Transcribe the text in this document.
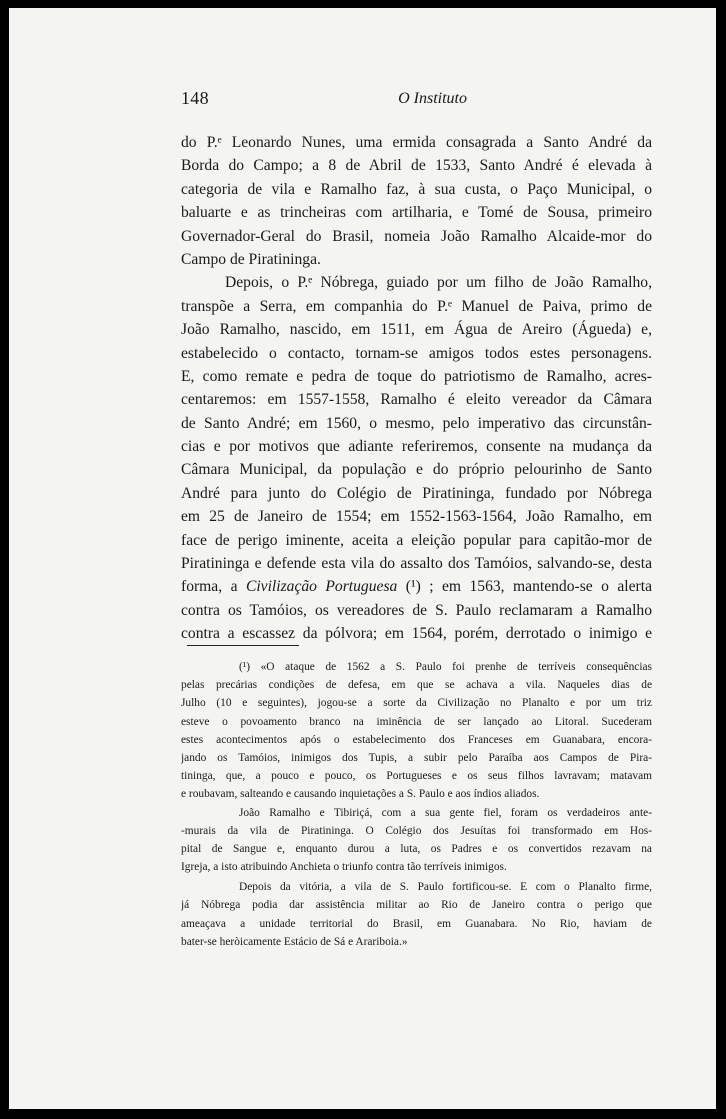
148	O Instituto
do P.ᵉ Leonardo Nunes, uma ermida consagrada a Santo André da
Borda do Campo; a 8 de Abril de 1533, Santo André é elevada à
categoria de vila e Ramalho faz, à sua custa, o Paço Municipal, o
baluarte e as trincheiras com artilharia, e Tomé de Sousa, primeiro
Governador-Geral do Brasil, nomeia João Ramalho Alcaide-mor do
Campo de Piratininga.
Depois, o P.ᵉ Nóbrega, guiado por um filho de João Ramalho,
transpõe a Serra, em companhia do P.ᵉ Manuel de Paiva, primo de
João Ramalho, nascido, em 1511, em Água de Areiro (Águeda) e,
estabelecido o contacto, tornam-se amigos todos estes personagens.
E, como remate e pedra de toque do patriotismo de Ramalho, acres-
centaremos: em 1557-1558, Ramalho é eleito vereador da Câmara
de Santo André; em 1560, o mesmo, pelo imperativo das circunstân-
cias e por motivos que adiante referiremos, consente na mudança da
Câmara Municipal, da população e do próprio pelourinho de Santo
André para junto do Colégio de Piratininga, fundado por Nóbrega
em 25 de Janeiro de 1554; em 1552-1563-1564, João Ramalho, em
face de perigo iminente, aceita a eleição popular para capitão-mor de
Piratininga e defende esta vila do assalto dos Tamóios, salvando-se, desta
forma, a Civilização Portuguesa (¹) ; em 1563, mantendo-se o alerta
contra os Tamóios, os vereadores de S. Paulo reclamaram a Ramalho
contra a escassez da pólvora; em 1564, porém, derrotado o inimigo e
(¹) «O ataque de 1562 a S. Paulo foi prenhe de terríveis consequências
pelas precárias condições de defesa, em que se achava a vila. Naqueles dias de
Julho (10 e seguintes), jogou-se a sorte da Civilização no Planalto e por um triz
esteve o povoamento branco na iminência de ser lançado ao Litoral. Sucederam
estes acontecimentos após o estabelecimento dos Franceses em Guanabara, encora-
jando os Tamóios, inimigos dos Tupis, a subir pelo Paraíba aos Campos de Pira-
tininga, que, a pouco e pouco, os Portugueses e os seus filhos lavravam; matavam
e roubavam, salteando e causando inquietações a S. Paulo e aos índios aliados.
João Ramalho e Tibiriçá, com a sua gente fiel, foram os verdadeiros ante-
-murais da vila de Piratininga. O Colégio dos Jesuítas foi transformado em Hos-
pital de Sangue e, enquanto durou a luta, os Padres e os convertidos rezavam na
Igreja, a isto atribuindo Anchieta o triunfo contra tão terríveis inimigos.
Depois da vitória, a vila de S. Paulo fortificou-se. E com o Planalto firme,
já Nóbrega podia dar assistência militar ao Rio de Janeiro contra o perigo que
ameaçava a unidade territorial do Brasil, em Guanabara. No Rio, haviam de
bater-se heròicamente Estácio de Sá e Arariboia.»
